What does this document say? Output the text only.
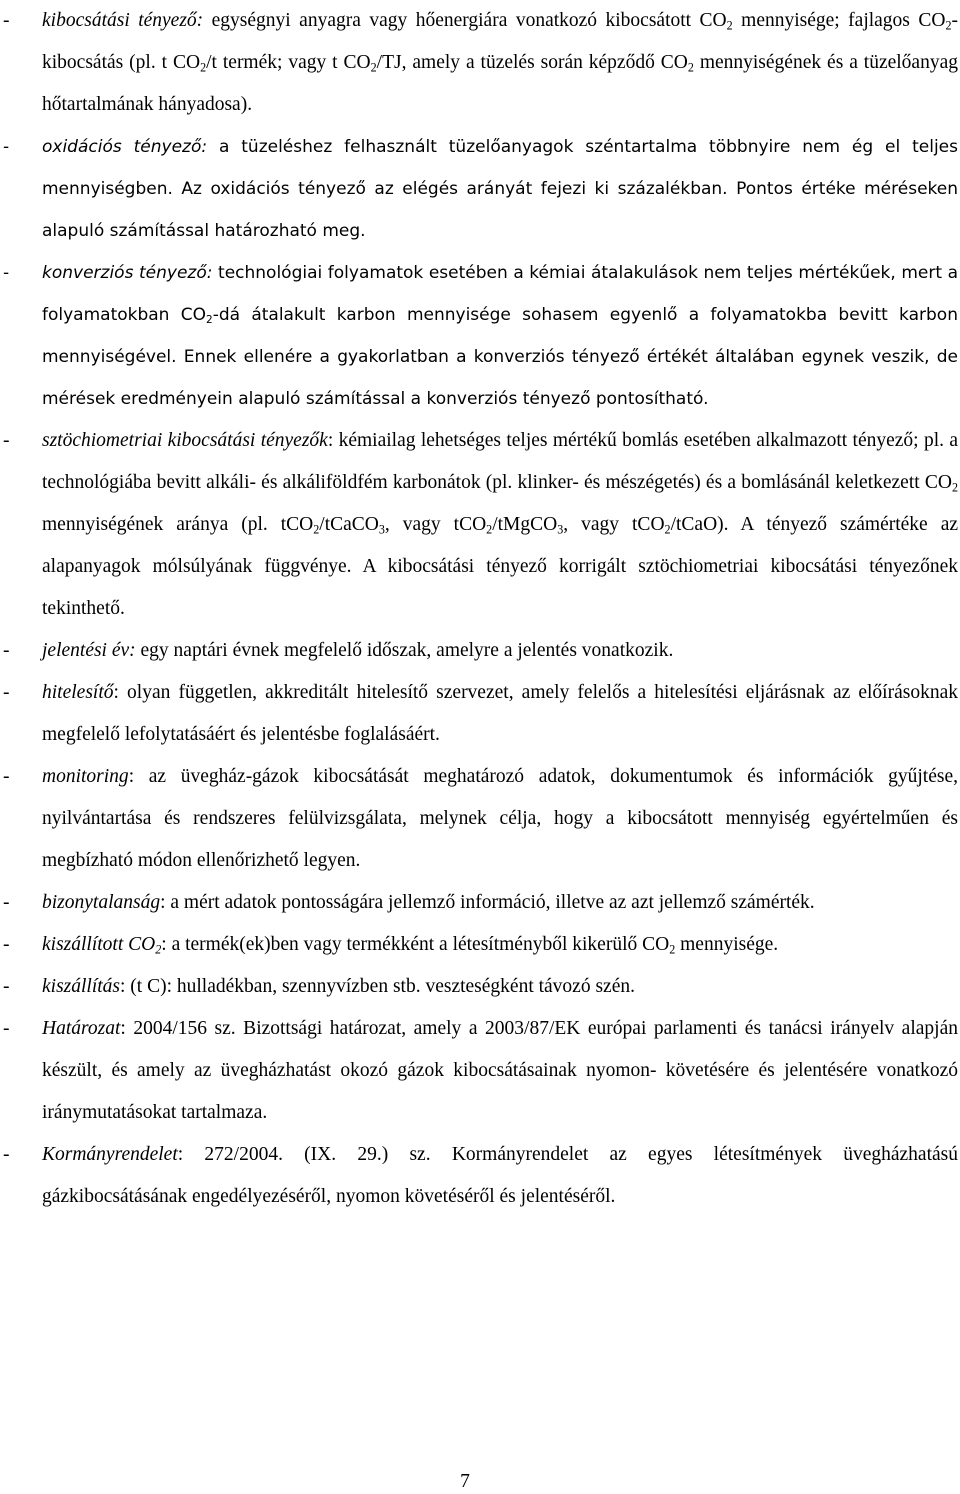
- kibocsátási tényező: egységnyi anyagra vagy hőenergiára vonatkozó kibocsátott $CO_2$ mennyisége; fajlagos $CO_2$-kibocsátás (pl. t $CO_2/t$ termék; vagy t $CO_2/TJ$, amely a tüzelés során képződő $CO_2$ mennyiségének és a tüzelőanyag hőtartalmának hányadosa).
- oxidációs tényező: a tüzeléshez felhasznált tüzelőanyagok széntartalma többnyire nem ég el teljes mennyiségben. Az oxidációs tényező az elégés arányát fejezi ki százalékban. Pontos értéke méréseken alapuló számítással határozható meg.
- konverziós tényező: technológiai folyamatok esetében a kémiai átalakulások nem teljes mértékűek, mert a folyamatokban $CO_2-dá$ átalakult karbon mennyisége sohasem egyenlő a folyamatokba bevitt karbon mennyiségével. Ennek ellenére a gyakorlatban a konverziós tényező értékét általában egynek veszik, de mérések eredményein alapuló számítással a konverziós tényező pontosítható.
- sztöchiometriai kibocsátási tényezők: kémiailag lehetséges teljes mértékű bomlás esetében alkalmazott tényező; pl. a technológiába bevitt alkáli- és alkáliföldfém karbonátok (pl. klinker- és mészégetés) és a bomlásánál keletkezett $CO_2$ mennyiségének aránya (pl. tCO$_2$/tCaCO$_3$, vagy tCO$_2$/tMgCO$_3$, vagy tCO$_2$/tCaO). A tényező számértéke az alapanyagok mólsúlyának függvénye. A kibocsátási tényező korrigált sztöchiometriai kibocsátási tényezőnek tekinthető.
- jelentési év: egy naptári évnek megfelelő időszak, amelyre a jelentés vonatkozik.
- hitelesítő: olyan független, akkreditált hitelesítő szervezet, amely felelős a hitelesítési eljárásnak az előírásoknak megfelelő lefolytatásáért és jelentésbe foglalásáért.
- monitoring: az üvegház-gázok kibocsátását meghatározó adatok, dokumentumok és információk gyűjtése, nyilvántartása és rendszeres felülvizsgálata, melynek célja, hogy a kibocsátott mennyiség egyértelműen és megbízható módon ellenőrizhető legyen.
- bizonytalanság: a mért adatok pontosságára jellemző információ, illetve az azt jellemző számérték.
- kiszállított $CO_2$: a termék(ek)ben vagy termékként a létesítményből kikerülő $CO_2$ mennyisége.
- kiszállítás: (t C): hulladékban, szennyvízben stb. veszteségként távozó szén.
- Határozat: 2004/156 sz. Bizottsági határozat, amely a 2003/87/EK európai parlamenti és tanácsi irányelv alapján készült, és amely az üvegházhatást okozó gázok kibocsátásainak nyomon- követésére és jelentésére vonatkozó iránymutatásokat tartalmaza.
- Kormányrendelet: 272/2004. (IX. 29.) sz. Kormányrendelet az egyes létesítmények üvegházhatású gázkibocsátásának engedélyezéséről, nyomon követéséről és jelentéséről.
7
